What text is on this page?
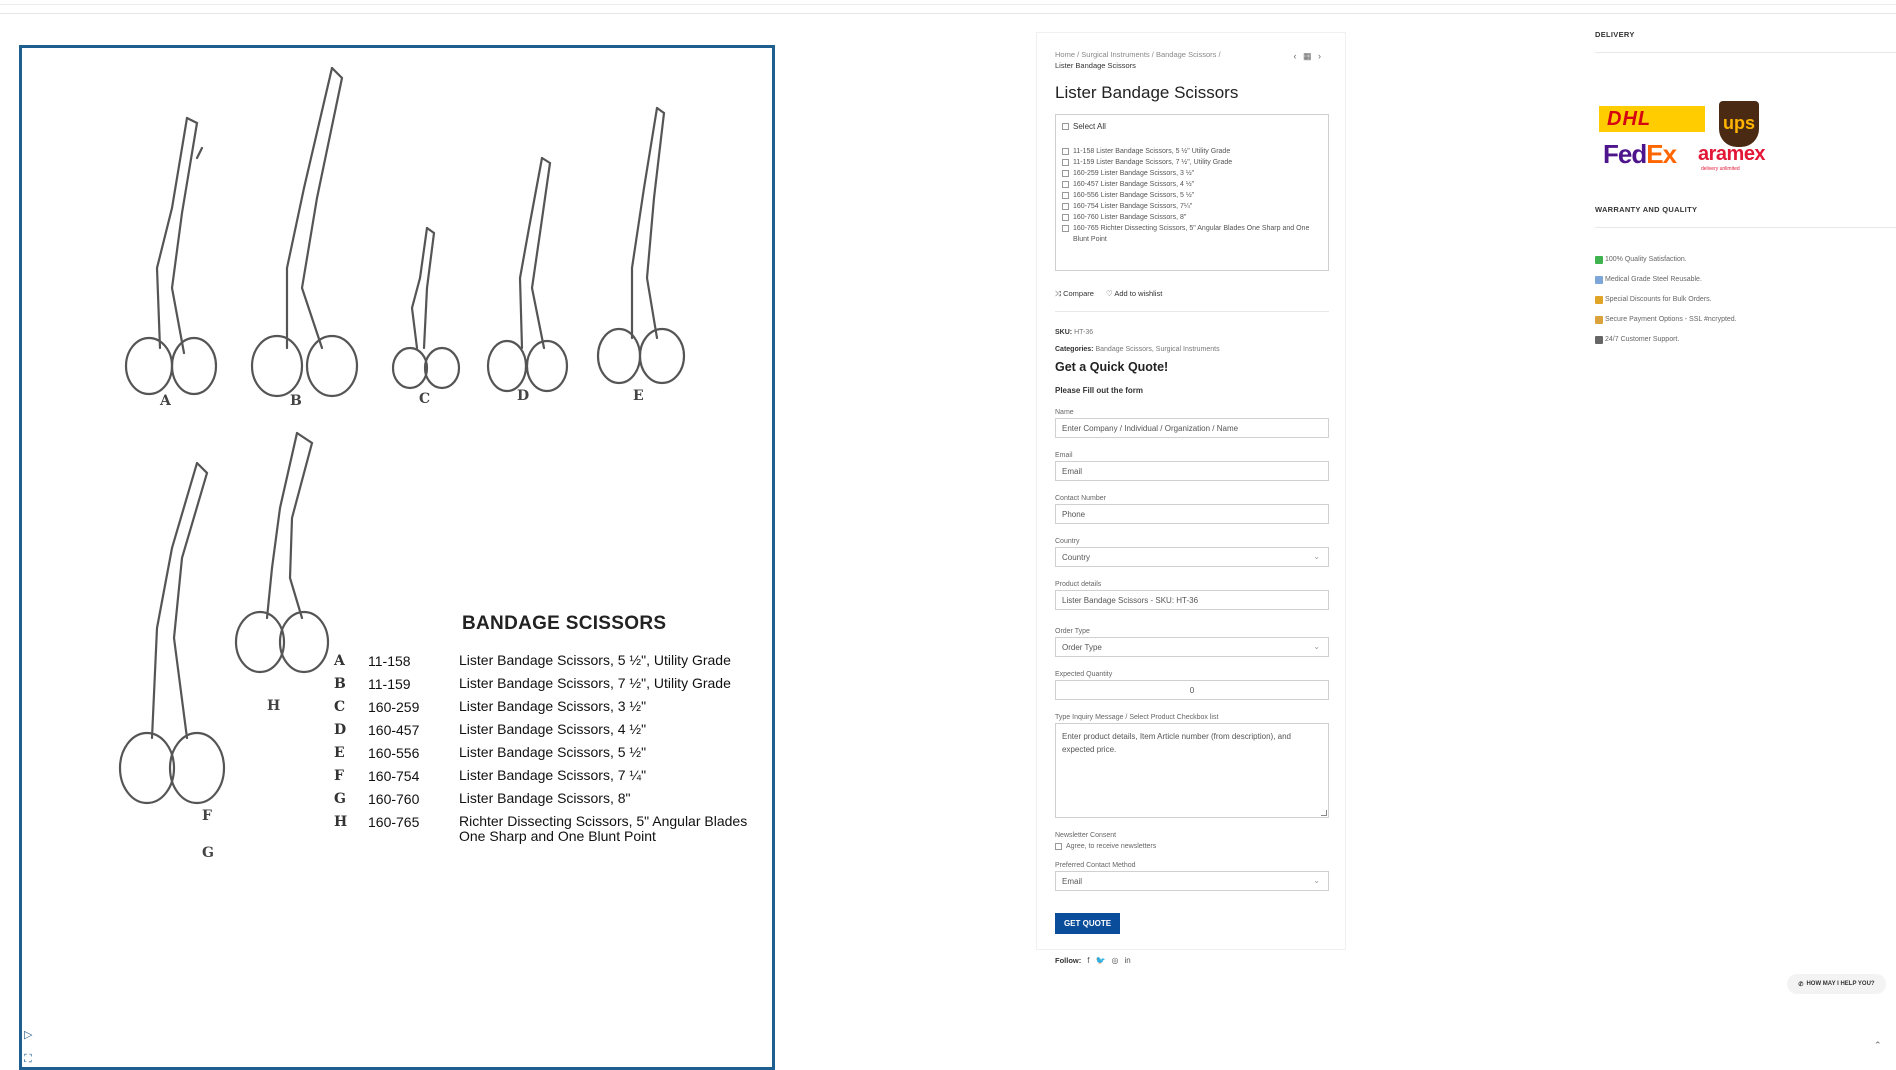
A	B	C	D	E
F
G
H
BANDAGE SCISSORS
A	11-158	Lister Bandage Scissors, 5 ½", Utility Grade
B	11-159	Lister Bandage Scissors, 7 ½", Utility Grade
C	160-259	Lister Bandage Scissors, 3 ½"
D	160-457	Lister Bandage Scissors, 4 ½"
E	160-556	Lister Bandage Scissors, 5 ½"
F	160-754	Lister Bandage Scissors, 7 ¼"
G	160-760	Lister Bandage Scissors, 8"
H	160-765	Richter Dissecting Scissors, 5" Angular Blades One Sharp and One Blunt Point
▷
⛶
Home / Surgical Instruments / Bandage Scissors /
Lister Bandage Scissors
‹ ▦ ›
Lister Bandage Scissors
Select All
11-158 Lister Bandage Scissors, 5 ½" Utility Grade
11-159 Lister Bandage Scissors, 7 ½", Utility Grade
160-259 Lister Bandage Scissors, 3 ½"
160-457 Lister Bandage Scissors, 4 ½"
160-556 Lister Bandage Scissors, 5 ½"
160-754 Lister Bandage Scissors, 7¼"
160-760 Lister Bandage Scissors, 8"
160-765 Richter Dissecting Scissors, 5" Angular Blades One Sharp and One Blunt Point
⤨ Compare ♡ Add to wishlist
SKU: HT-36
Categories: Bandage Scissors, Surgical Instruments
Get a Quick Quote!
Please Fill out the form
Name
Enter Company / Individual / Organization / Name
Email
Email
Contact Number
Phone
Country
Country	⌄
Product details
Lister Bandage Scissors - SKU: HT-36
Order Type
Order Type	⌄
Expected Quantity
0
Type Inquiry Message / Select Product Checkbox list
Enter product details, Item Article number (from description), and expected price.
Newsletter Consent
Agree, to receive newsletters
Preferred Contact Method
Email	⌄
GET QUOTE
Follow: f 🐦 ◎ in
DELIVERY
DHL	ups
FedEx aramex
delivery unlimited
WARRANTY AND QUALITY
100% Quality Satisfaction.
Medical Grade Steel Reusable.
Special Discounts for Bulk Orders.
Secure Payment Options - SSL #ncrypted.
24/7 Customer Support.
✆ HOW MAY I HELP YOU?
⌃
